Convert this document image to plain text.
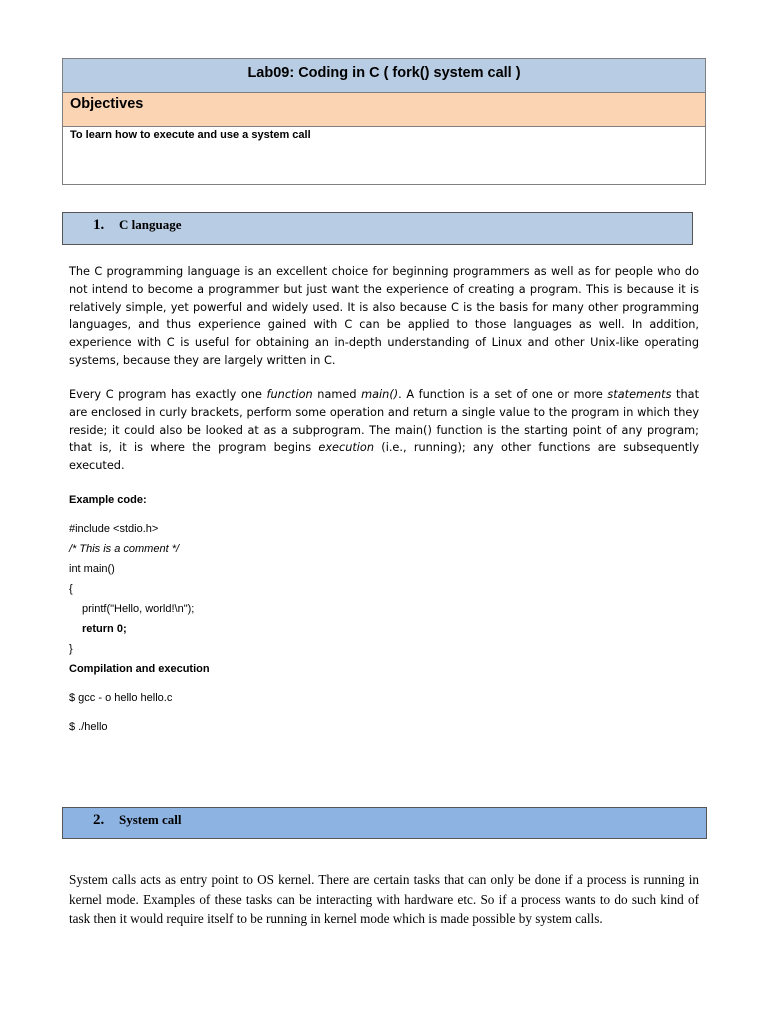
Lab09: Coding in C ( fork() system call )
Objectives
To learn how to execute and use a system call
1. C language
The C programming language is an excellent choice for beginning programmers as well as for people who do not intend to become a programmer but just want the experience of creating a program. This is because it is relatively simple, yet powerful and widely used. It is also because C is the basis for many other programming languages, and thus experience gained with C can be applied to those languages as well. In addition, experience with C is useful for obtaining an in-depth understanding of Linux and other Unix-like operating systems, because they are largely written in C.
Every C program has exactly one function named main(). A function is a set of one or more statements that are enclosed in curly brackets, perform some operation and return a single value to the program in which they reside; it could also be looked at as a subprogram. The main() function is the starting point of any program; that is, it is where the program begins execution (i.e., running); any other functions are subsequently executed.
Example code:
#include <stdio.h>
/* This is a comment */
int main()
{
printf("Hello, world!\n");
return 0;
}
Compilation and execution
$ gcc - o hello hello.c
$ ./hello
2. System call
System calls acts as entry point to OS kernel. There are certain tasks that can only be done if a process is running in kernel mode. Examples of these tasks can be interacting with hardware etc. So if a process wants to do such kind of task then it would require itself to be running in kernel mode which is made possible by system calls.
